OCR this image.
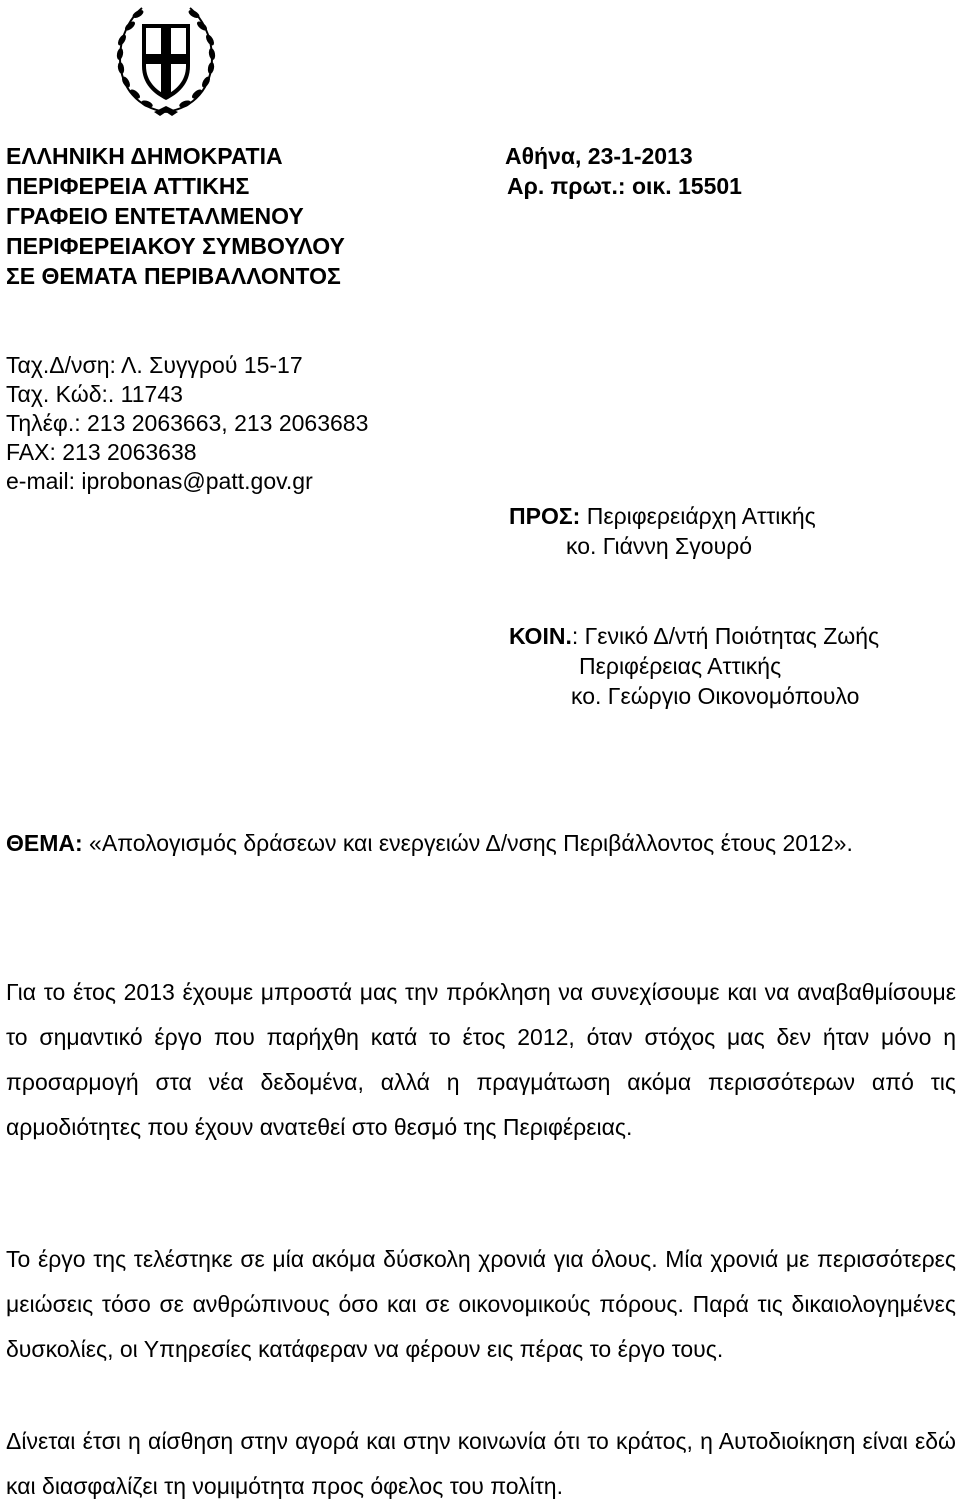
ΕΛΛΗΝΙΚΗ ΔΗΜΟΚΡΑΤΙΑ
ΠΕΡΙΦΕΡΕΙΑ ΑΤΤΙΚΗΣ
ΓΡΑΦΕΙΟ ΕΝΤΕΤΑΛΜΕΝΟΥ
ΠΕΡΙΦΕΡΕΙΑΚΟΥ ΣΥΜΒΟΥΛΟΥ
ΣΕ ΘΕΜΑΤΑ ΠΕΡΙΒΑΛΛΟΝΤΟΣ
Αθήνα, 23-1-2013
Αρ. πρωτ.: οικ. 15501
Ταχ.Δ/νση: Λ. Συγγρού 15-17
Ταχ. Κώδ:. 11743
Τηλέφ.: 213 2063663, 213 2063683
FAX: 213 2063638
e-mail: iprobonas@patt.gov.gr
ΠΡΟΣ: Περιφερειάρχη Αττικής
κο. Γιάννη Σγουρό
ΚΟΙΝ.: Γενικό Δ/ντή Ποιότητας Ζωής
Περιφέρειας Αττικής
κο. Γεώργιο Οικονομόπουλο
ΘΕΜΑ: «Απολογισμός δράσεων και ενεργειών Δ/νσης Περιβάλλοντος έτους 2012».
Για το έτος 2013 έχουμε μπροστά μας την πρόκληση να συνεχίσουμε και να αναβαθμίσουμε το σημαντικό έργο που παρήχθη κατά το έτος 2012, όταν στόχος μας δεν ήταν μόνο η προσαρμογή στα νέα δεδομένα, αλλά η πραγμάτωση ακόμα περισσότερων από τις αρμοδιότητες που έχουν ανατεθεί στο θεσμό της Περιφέρειας.
Το έργο της τελέστηκε σε μία ακόμα δύσκολη χρονιά για όλους. Μία χρονιά με περισσότερες μειώσεις τόσο σε ανθρώπινους όσο και σε οικονομικούς πόρους. Παρά τις δικαιολογημένες δυσκολίες, οι Υπηρεσίες κατάφεραν να φέρουν εις πέρας το έργο τους.
Δίνεται έτσι η αίσθηση στην αγορά και στην κοινωνία ότι το κράτος, η Αυτοδιοίκηση είναι εδώ και διασφαλίζει τη νομιμότητα προς όφελος του πολίτη.
